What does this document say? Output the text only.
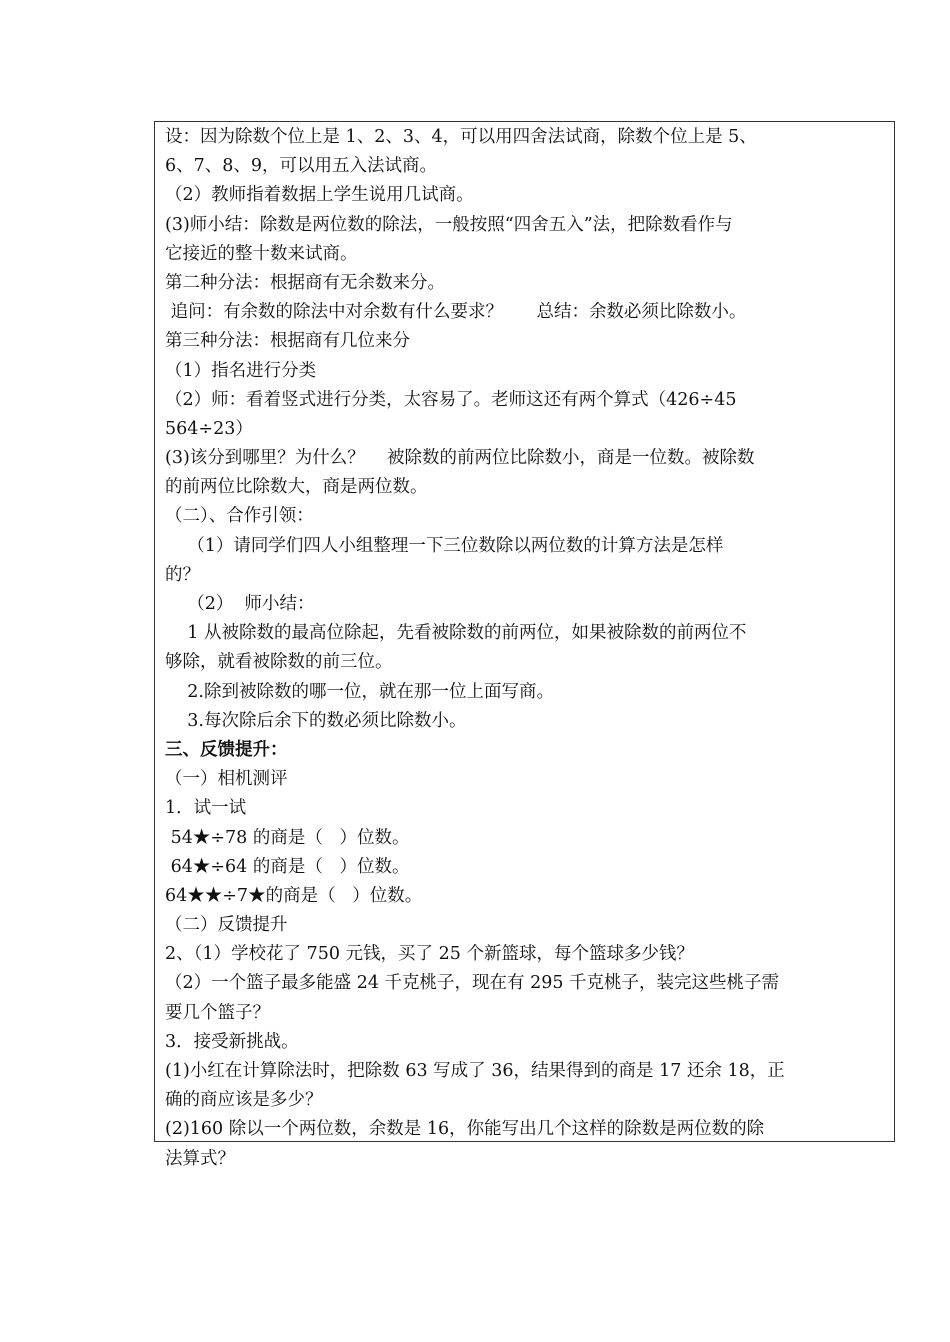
设：因为除数个位上是 1、2、3、4，可以用四舍法试商，除数个位上是 5、
6、7、8、9，可以用五入法试商。
（2）教师指着数据上学生说用几试商。
(3)师小结：除数是两位数的除法，一般按照“四舍五入”法，把除数看作与
它接近的整十数来试商。
第二种分法：根据商有无余数来分。
追问：有余数的除法中对余数有什么要求？      总结：余数必须比除数小。
第三种分法：根据商有几位来分
（1）指名进行分类
（2）师：看着竖式进行分类，太容易了。老师这还有两个算式（426÷45
564÷23）
(3)该分到哪里？为什么？    被除数的前两位比除数小，商是一位数。被除数
的前两位比除数大，商是两位数。
（二）、合作引领：
（1）请同学们四人小组整理一下三位数除以两位数的计算方法是怎样
的？
（2）  师小结：
1 从被除数的最高位除起，先看被除数的前两位，如果被除数的前两位不
够除，就看被除数的前三位。
2.除到被除数的哪一位，就在那一位上面写商。
3.每次除后余下的数必须比除数小。
三、反馈提升：
（一）相机测评
1．试一试
54★÷78 的商是（   ）位数。
64★÷64 的商是（   ）位数。
64★★÷7★的商是（   ）位数。
（二）反馈提升
2、（1）学校花了 750 元钱，买了 25 个新篮球，每个篮球多少钱？
（2）一个篮子最多能盛 24 千克桃子，现在有 295 千克桃子，装完这些桃子需
要几个篮子？
3．接受新挑战。
(1)小红在计算除法时，把除数 63 写成了 36，结果得到的商是 17 还余 18，正
确的商应该是多少？
(2)160 除以一个两位数，余数是 16，你能写出几个这样的除数是两位数的除
法算式？
